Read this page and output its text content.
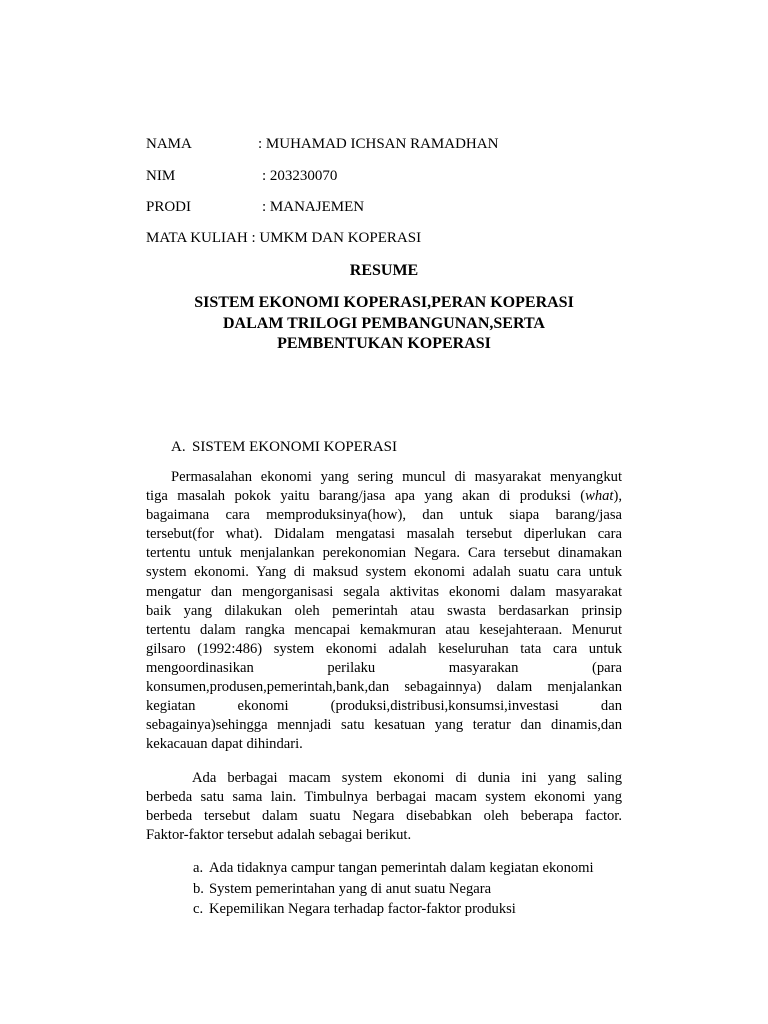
NAMA	: MUHAMAD ICHSAN RAMADHAN
NIM	: 203230070
PRODI	: MANAJEMEN
MATA KULIAH : UMKM DAN KOPERASI
RESUME
SISTEM EKONOMI KOPERASI,PERAN KOPERASI
DALAM TRILOGI PEMBANGUNAN,SERTA
PEMBENTUKAN KOPERASI
A. SISTEM EKONOMI KOPERASI
Permasalahan ekonomi yang sering muncul di masyarakat menyangkut
tiga masalah pokok yaitu barang/jasa apa yang akan di produksi (what),
bagaimana cara memproduksinya(how), dan untuk siapa barang/jasa
tersebut(for what). Didalam mengatasi masalah tersebut diperlukan cara
tertentu untuk menjalankan perekonomian Negara. Cara tersebut dinamakan
system ekonomi. Yang di maksud system ekonomi adalah suatu cara untuk
mengatur dan mengorganisasi segala aktivitas ekonomi dalam masyarakat
baik yang dilakukan oleh pemerintah atau swasta berdasarkan prinsip
tertentu dalam rangka mencapai kemakmuran atau kesejahteraan. Menurut
gilsaro (1992:486) system ekonomi adalah keseluruhan tata cara untuk
mengoordinasikan perilaku masyarakan (para
konsumen,produsen,pemerintah,bank,dan sebagainnya) dalam menjalankan
kegiatan ekonomi (produksi,distribusi,konsumsi,investasi dan
sebagainya)sehingga mennjadi satu kesatuan yang teratur dan dinamis,dan
kekacauan dapat dihindari.
Ada berbagai macam system ekonomi di dunia ini yang saling
berbeda satu sama lain. Timbulnya berbagai macam system ekonomi yang
berbeda tersebut dalam suatu Negara disebabkan oleh beberapa factor.
Faktor-faktor tersebut adalah sebagai berikut.
a. Ada tidaknya campur tangan pemerintah dalam kegiatan ekonomi
b. System pemerintahan yang di anut suatu Negara
c. Kepemilikan Negara terhadap factor-faktor produksi
